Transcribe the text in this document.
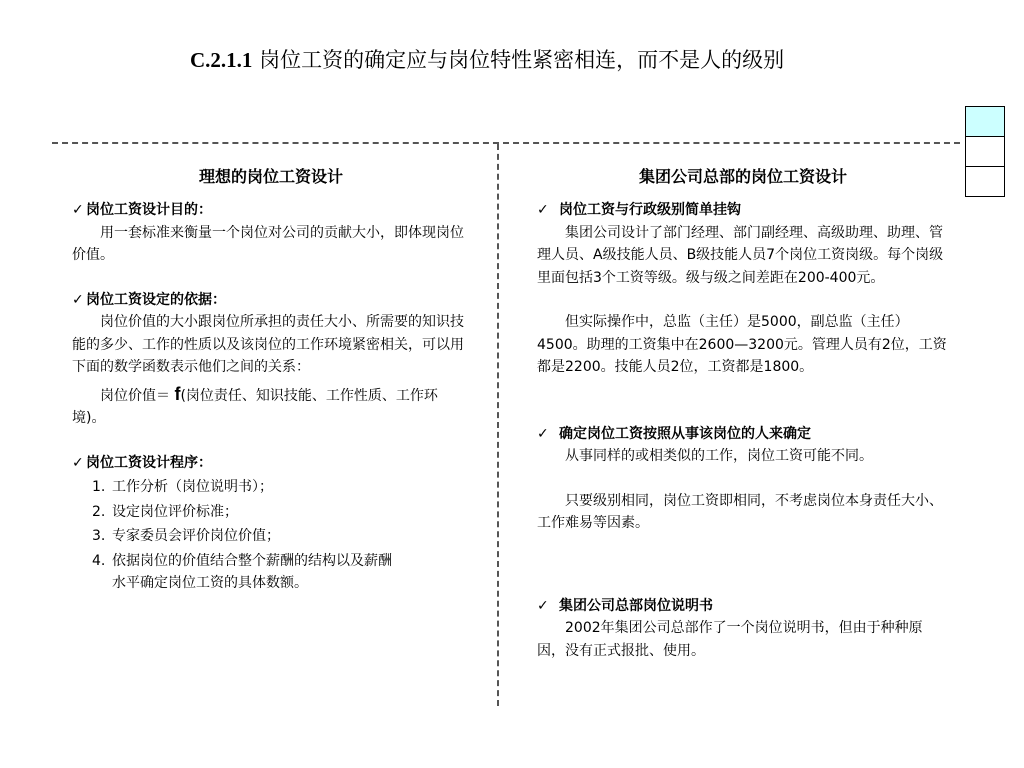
C.2.1.1 岗位工资的确定应与岗位特性紧密相连，而不是人的级别
理想的岗位工资设计
✓ 岗位工资设计目的：
用一套标准来衡量一个岗位对公司的贡献大小，即体现岗位价值。
✓ 岗位工资设定的依据：
岗位价值的大小跟岗位所承担的责任大小、所需要的知识技能的多少、工作的性质以及该岗位的工作环境紧密相关，可以用下面的数学函数表示他们之间的关系：
岗位价值＝ f(岗位责任、知识技能、工作性质、工作环境)。
✓ 岗位工资设计程序：
1. 工作分析（岗位说明书）；
2. 设定岗位评价标准；
3. 专家委员会评价岗位价值；
4. 依据岗位的价值结合整个薪酬的结构以及薪酬
水平确定岗位工资的具体数额。
集团公司总部的岗位工资设计
✓ 岗位工资与行政级别简单挂钩
集团公司设计了部门经理、部门副经理、高级助理、助理、管理人员、A级技能人员、B级技能人员7个岗位工资岗级。每个岗级里面包括3个工资等级。级与级之间差距在200-400元。
但实际操作中，总监（主任）是5000，副总监（主任）4500。助理的工资集中在2600—3200元。管理人员有2位，工资都是2200。技能人员2位，工资都是1800。
✓ 确定岗位工资按照从事该岗位的人来确定
从事同样的或相类似的工作，岗位工资可能不同。
只要级别相同，岗位工资即相同，不考虑岗位本身责任大小、工作难易等因素。
✓ 集团公司总部岗位说明书
2002年集团公司总部作了一个岗位说明书，但由于种种原因，没有正式报批、使用。
